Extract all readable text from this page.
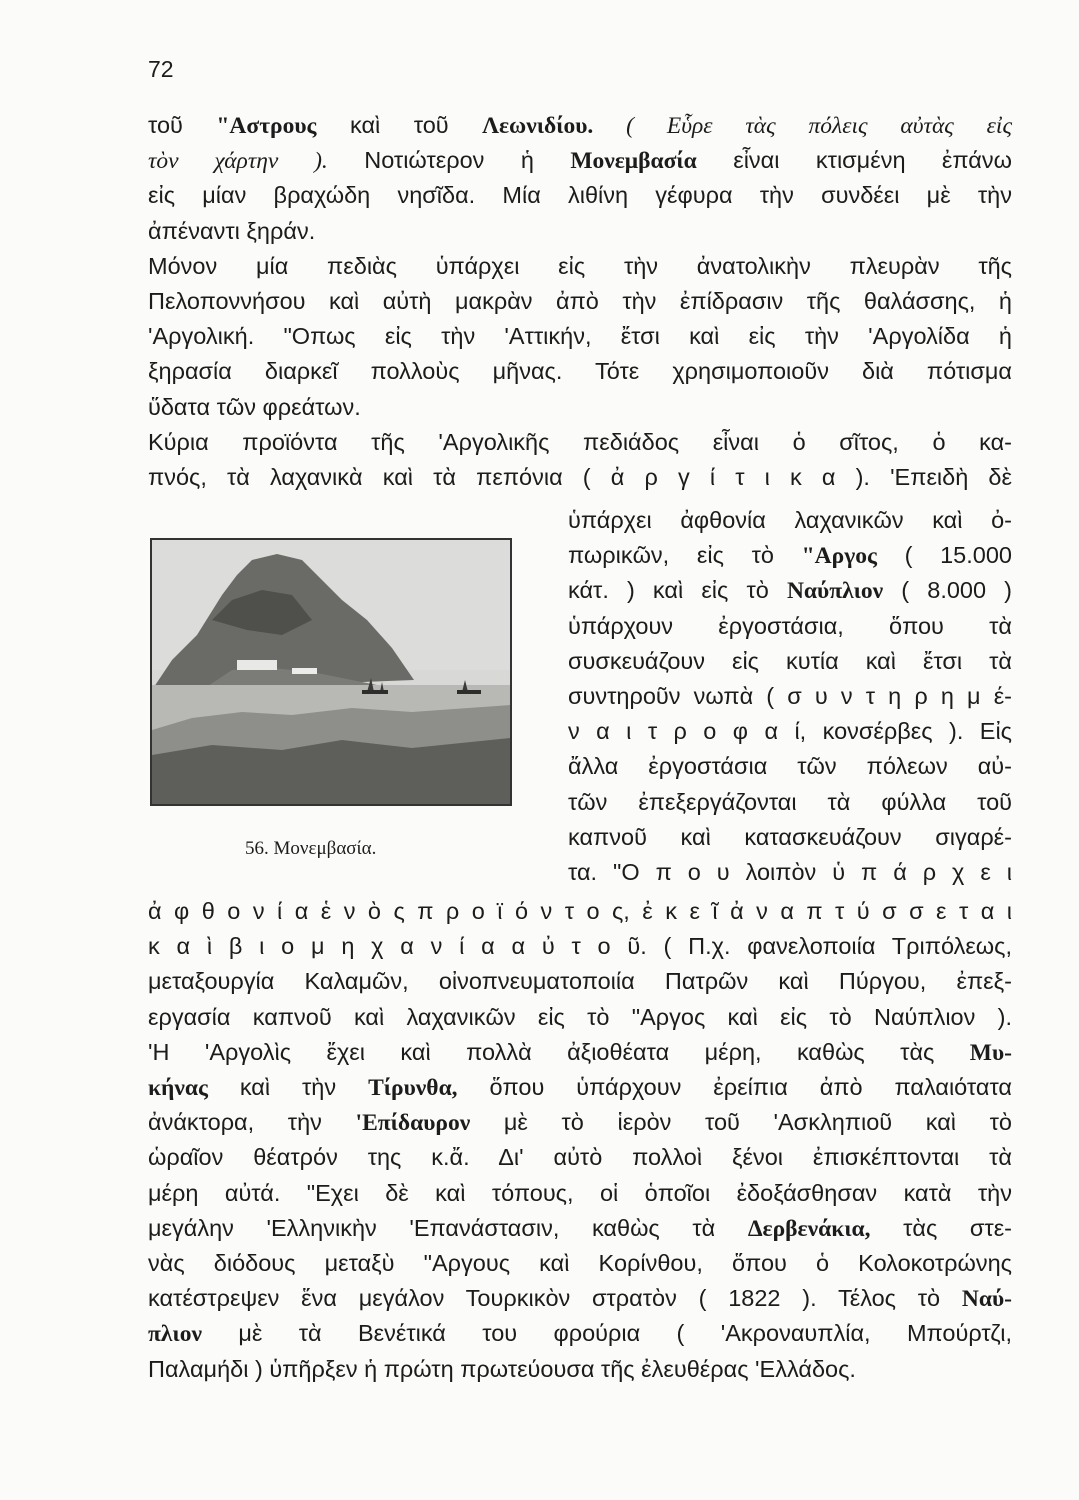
72
τοῦ "Αστρους καὶ τοῦ Λεωνιδίου. ( Εὗρε τὰς πόλεις αὐτὰς εἰς
τὸν χάρτην ). Νοτιώτερον ἡ Μονεμβασία εἶναι κτισμένη ἐπάνω
εἰς μίαν βραχώδη νησῖδα. Μία λιθίνη γέφυρα τὴν συνδέει μὲ τὴν
ἀπέναντι ξηράν.
Μόνον μία πεδιὰς ὑπάρχει εἰς τὴν ἀνατολικὴν πλευρὰν τῆς
Πελοποννήσου καὶ αὐτὴ μακρὰν ἀπὸ τὴν ἐπίδρασιν τῆς θαλάσσης, ἡ
'Αργολική. "Οπως εἰς τὴν 'Αττικήν, ἔτσι καὶ εἰς τὴν 'Αργολίδα ἡ
ξηρασία διαρκεῖ πολλοὺς μῆνας. Τότε χρησιμοποιοῦν διὰ πότισμα
ὕδατα τῶν φρεάτων.
Κύρια προϊόντα τῆς 'Αργολικῆς πεδιάδος εἶναι ὁ σῖτος, ὁ κα-
πνός, τὰ λαχανικὰ καὶ τὰ πεπόνια ( ἀ ρ γ ί τ ι κ α ). 'Επειδὴ δὲ
ὑπάρχει ἀφθονία λαχανικῶν καὶ ὀ-
πωρικῶν, εἰς τὸ "Αργος ( 15.000
κάτ. ) καὶ εἰς τὸ Ναύπλιον ( 8.000 )
ὑπάρχουν ἐργοστάσια, ὅπου τὰ
συσκευάζουν εἰς κυτία καὶ ἔτσι τὰ
συντηροῦν νωπὰ ( σ υ ν τ η ρ η μ έ-
ν α ι τ ρ ο φ α ί, κονσέρβες ). Εἰς
ἄλλα ἐργοστάσια τῶν πόλεων αὐ-
τῶν ἐπεξεργάζονται τὰ φύλλα τοῦ
καπνοῦ καὶ κατασκευάζουν σιγαρέ-
τα. "Ο π ο υ λοιπὸν ὑ π ά ρ χ ε ι
ἀ φ θ ο ν ί α ἑ ν ὸ ς π ρ ο ϊ ό ν τ ο ς, ἐ κ ε ῖ ἀ ν α π τ ύ σ σ ε τ α ι
κ α ὶ β ι ο μ η χ α ν ί α α ὐ τ ο ῦ. ( Π.χ. φανελοποιία Τριπόλεως,
μεταξουργία Καλαμῶν, οἰνοπνευματοποιία Πατρῶν καὶ Πύργου, ἐπεξ-
εργασία καπνοῦ καὶ λαχανικῶν εἰς τὸ "Αργος καὶ εἰς τὸ Ναύπλιον ).
'Η 'Αργολὶς ἔχει καὶ πολλὰ ἀξιοθέατα μέρη, καθὼς τὰς Μυ-
κήνας καὶ τὴν Τίρυνθα, ὅπου ὑπάρχουν ἐρείπια ἀπὸ παλαιότατα
ἀνάκτορα, τὴν 'Επίδαυρον μὲ τὸ ἱερὸν τοῦ 'Ασκληπιοῦ καὶ τὸ
ὡραῖον θέατρόν της κ.ἄ. Δι' αὐτὸ πολλοὶ ξένοι ἐπισκέπτονται τὰ
μέρη αὐτά. "Εχει δὲ καὶ τόπους, οἱ ὁποῖοι ἐδοξάσθησαν κατὰ τὴν
μεγάλην 'Ελληνικὴν 'Επανάστασιν, καθὼς τὰ Δερβενάκια, τὰς στε-
νὰς διόδους μεταξὺ "Αργους καὶ Κορίνθου, ὅπου ὁ Κολοκοτρώνης
κατέστρεψεν ἕνα μεγάλον Τουρκικὸν στρατὸν ( 1822 ). Τέλος τὸ Ναύ-
πλιον μὲ τὰ Βενέτικά του φρούρια ( 'Ακροναυπλία, Μπούρτζι,
Παλαμήδι ) ὑπῆρξεν ἡ πρώτη πρωτεύουσα τῆς ἐλευθέρας 'Ελλάδος.
56. Μονεμβασία.
